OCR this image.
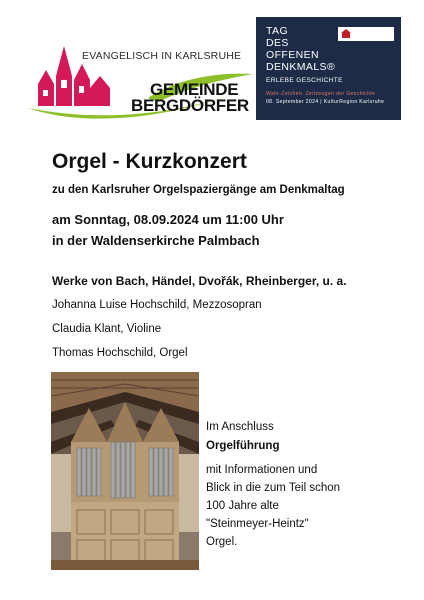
EVANGELISCH IN KARLSRUHE
GEMEINDE
BERGDÖRFER
TAG
DES
OFFENEN
DENKMALS®
ERLEBE GESCHICHTE
Wahr-Zeichen. Zeitzeugen der Geschichte
08. September 2024 | KulturRegion Karlsruhe
Orgel - Kurzkonzert
zu den Karlsruher Orgelspaziergänge am Denkmaltag
am Sonntag, 08.09.2024 um 11:00 Uhr
in der Waldenserkirche Palmbach
Werke von Bach, Händel, Dvořák, Rheinberger, u. a.
Johanna Luise Hochschild, Mezzosopran
Claudia Klant, Violine
Thomas Hochschild, Orgel
Im Anschluss
Orgelführung
mit Informationen und
Blick in die zum Teil schon
100 Jahre alte
"Steinmeyer-Heintz"
Orgel.
